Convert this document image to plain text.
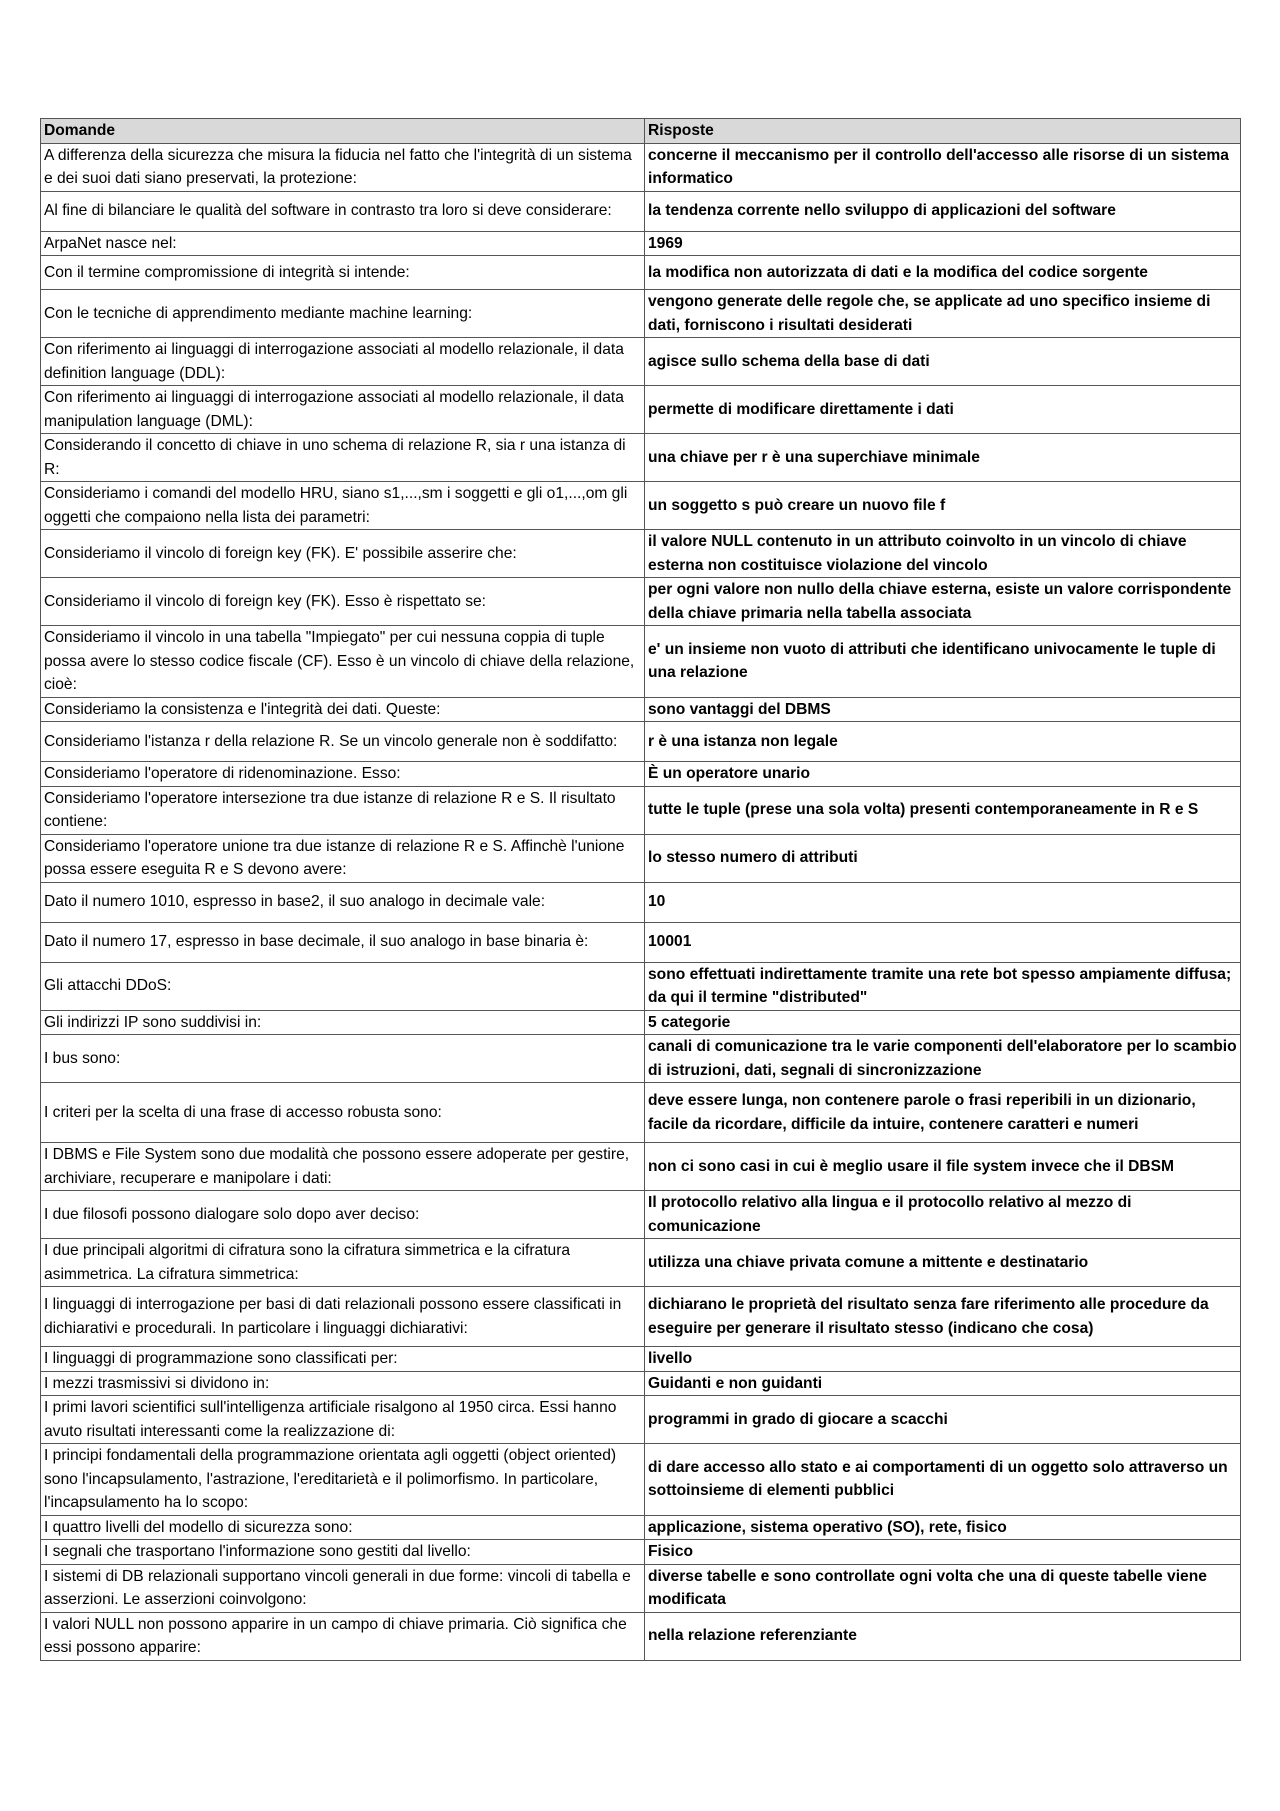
Domande	Risposte
A differenza della sicurezza che misura la fiducia nel fatto che l'integrità di un sistema e dei suoi dati siano preservati, la protezione:	concerne il meccanismo per il controllo dell'accesso alle risorse di un sistema informatico
Al fine di bilanciare le qualità del software in contrasto tra loro si deve considerare:	la tendenza corrente nello sviluppo di applicazioni del software
ArpaNet nasce nel:	1969
Con il termine compromissione di integrità si intende:	la modifica non autorizzata di dati e la modifica del codice sorgente
Con le tecniche di apprendimento mediante machine learning:	vengono generate delle regole che, se applicate ad uno specifico insieme di dati, forniscono i risultati desiderati
Con riferimento ai linguaggi di interrogazione associati al modello relazionale, il data definition language (DDL):	agisce sullo schema della base di dati
Con riferimento ai linguaggi di interrogazione associati al modello relazionale, il data manipulation language (DML):	permette di modificare direttamente i dati
Considerando il concetto di chiave in uno schema di relazione R, sia r una istanza di R:	una chiave per r è una superchiave minimale
Consideriamo i comandi del modello HRU, siano s1,...,sm i soggetti e gli o1,...,om gli oggetti che compaiono nella lista dei parametri:	un soggetto s può creare un nuovo file f
Consideriamo il vincolo di foreign key (FK). E' possibile asserire che:	il valore NULL contenuto in un attributo coinvolto in un vincolo di chiave esterna non costituisce violazione del vincolo
Consideriamo il vincolo di foreign key (FK). Esso è rispettato se:	per ogni valore non nullo della chiave esterna, esiste un valore corrispondente della chiave primaria nella tabella associata
Consideriamo il vincolo in una tabella "Impiegato" per cui nessuna coppia di tuple possa avere lo stesso codice fiscale (CF). Esso è un vincolo di chiave della relazione, cioè:	e' un insieme non vuoto di attributi che identificano univocamente le tuple di una relazione
Consideriamo la consistenza e l'integrità dei dati. Queste:	sono vantaggi del DBMS
Consideriamo l'istanza r della relazione R. Se un vincolo generale non è soddifatto:	r è una istanza non legale
Consideriamo l'operatore di ridenominazione. Esso:	È un operatore unario
Consideriamo l'operatore intersezione tra due istanze di relazione R e S. Il risultato contiene:	tutte le tuple (prese una sola volta) presenti contemporaneamente in R e S
Consideriamo l'operatore unione tra due istanze di relazione R e S. Affinchè l'unione possa essere eseguita R e S devono avere:	lo stesso numero di attributi
Dato il numero 1010, espresso in base2, il suo analogo in decimale vale:	10
Dato il numero 17, espresso in base decimale, il suo analogo in base binaria è:	10001
Gli attacchi DDoS:	sono effettuati indirettamente tramite una rete bot spesso ampiamente diffusa; da qui il termine "distributed"
Gli indirizzi IP sono suddivisi in:	5 categorie
I bus sono:	canali di comunicazione tra le varie componenti dell'elaboratore per lo scambio di istruzioni, dati, segnali di sincronizzazione
I criteri per la scelta di una frase di accesso robusta sono:	deve essere lunga, non contenere parole o frasi reperibili in un dizionario, facile da ricordare, difficile da intuire, contenere caratteri e numeri
I DBMS e File System sono due modalità che possono essere adoperate per gestire, archiviare, recuperare e manipolare i dati:	non ci sono casi in cui è meglio usare il file system invece che il DBSM
I due filosofi possono dialogare solo dopo aver deciso:	Il protocollo relativo alla lingua e il protocollo relativo al mezzo di comunicazione
I due principali algoritmi di cifratura sono la cifratura simmetrica e la cifratura asimmetrica. La cifratura simmetrica:	utilizza una chiave privata comune a mittente e destinatario
I linguaggi di interrogazione per basi di dati relazionali possono essere classificati in dichiarativi e procedurali. In particolare i linguaggi dichiarativi:	dichiarano le proprietà del risultato senza fare riferimento alle procedure da eseguire per generare il risultato stesso (indicano che cosa)
I linguaggi di programmazione sono classificati per:	livello
I mezzi trasmissivi si dividono in:	Guidanti e non guidanti
I primi lavori scientifici sull'intelligenza artificiale risalgono al 1950 circa. Essi hanno avuto risultati interessanti come la realizzazione di:	programmi in grado di giocare a scacchi
I principi fondamentali della programmazione orientata agli oggetti (object oriented) sono l'incapsulamento, l'astrazione, l'ereditarietà e il polimorfismo. In particolare, l'incapsulamento ha lo scopo:	di dare accesso allo stato e ai comportamenti di un oggetto solo attraverso un sottoinsieme di elementi pubblici
I quattro livelli del modello di sicurezza sono:	applicazione, sistema operativo (SO), rete, fisico
I segnali che trasportano l'informazione sono gestiti dal livello:	Fisico
I sistemi di DB relazionali supportano vincoli generali in due forme: vincoli di tabella e asserzioni. Le asserzioni coinvolgono:	diverse tabelle e sono controllate ogni volta che una di queste tabelle viene modificata
I valori NULL non possono apparire in un campo di chiave primaria. Ciò significa che essi possono apparire:	nella relazione referenziante
